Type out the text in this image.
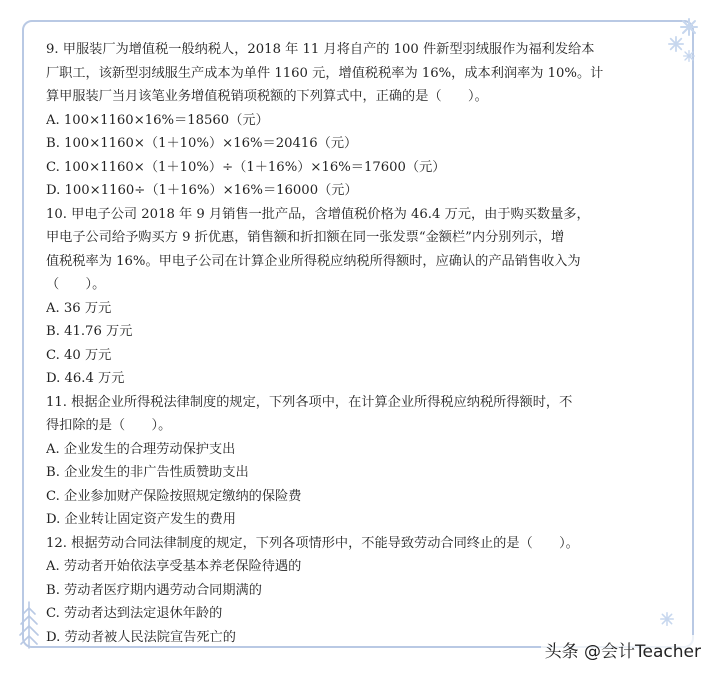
9. 甲服装厂为增值税一般纳税人，2018 年 11 月将自产的 100 件新型羽绒服作为福利发给本
厂职工，该新型羽绒服生产成本为单件 1160 元，增值税税率为 16%，成本利润率为 10%。计
算甲服装厂当月该笔业务增值税销项税额的下列算式中，正确的是（　　）。
A. 100×1160×16%＝18560（元）
B. 100×1160×（1＋10%）×16%＝20416（元）
C. 100×1160×（1＋10%）÷（1＋16%）×16%＝17600（元）
D. 100×1160÷（1＋16%）×16%＝16000（元）
10. 甲电子公司 2018 年 9 月销售一批产品，含增值税价格为 46.4 万元，由于购买数量多，
甲电子公司给予购买方 9 折优惠，销售额和折扣额在同一张发票“金额栏”内分别列示，增
值税税率为 16%。甲电子公司在计算企业所得税应纳税所得额时，应确认的产品销售收入为
（　　）。
A. 36 万元
B. 41.76 万元
C. 40 万元
D. 46.4 万元
11. 根据企业所得税法律制度的规定，下列各项中，在计算企业所得税应纳税所得额时，不
得扣除的是（　　）。
A. 企业发生的合理劳动保护支出
B. 企业发生的非广告性质赞助支出
C. 企业参加财产保险按照规定缴纳的保险费
D. 企业转让固定资产发生的费用
12. 根据劳动合同法律制度的规定，下列各项情形中，不能导致劳动合同终止的是（　　）。
A. 劳动者开始依法享受基本养老保险待遇的
B. 劳动者医疗期内遇劳动合同期满的
C. 劳动者达到法定退休年龄的
D. 劳动者被人民法院宣告死亡的
头条 @会计Teacher
